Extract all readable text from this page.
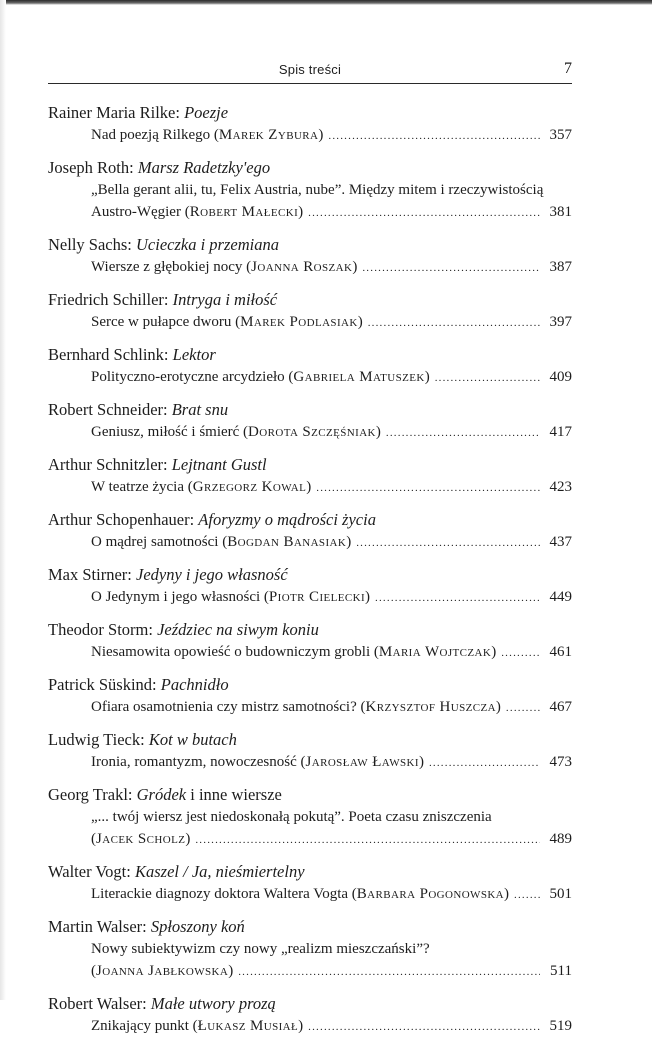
Spis treści	7
Rainer Maria Rilke: Poezje
Nad poezją Rilkego (Marek Zybura) .....	357
Joseph Roth: Marsz Radetzky'ego
„Bella gerant alii, tu, Felix Austria, nube”. Między mitem i rzeczywistością
Austro-Węgier (Robert Małecki) .....	381
Nelly Sachs: Ucieczka i przemiana
Wiersze z głębokiej nocy (Joanna Roszak) .....	387
Friedrich Schiller: Intryga i miłość
Serce w pułapce dworu (Marek Podlasiak) .....	397
Bernhard Schlink: Lektor
Polityczno-erotyczne arcydzieło (Gabriela Matuszek) .....	409
Robert Schneider: Brat snu
Geniusz, miłość i śmierć (Dorota Szczęśniak) .....	417
Arthur Schnitzler: Lejtnant Gustl
W teatrze życia (Grzegorz Kowal) .....	423
Arthur Schopenhauer: Aforyzmy o mądrości życia
O mądrej samotności (Bogdan Banasiak) .....	437
Max Stirner: Jedyny i jego własność
O Jedynym i jego własności (Piotr Cielecki) .....	449
Theodor Storm: Jeździec na siwym koniu
Niesamowita opowieść o budowniczym grobli (Maria Wojtczak) .....	461
Patrick Süskind: Pachnidło
Ofiara osamotnienia czy mistrz samotności? (Krzysztof Huszcza) .....	467
Ludwig Tieck: Kot w butach
Ironia, romantyzm, nowoczesność (Jarosław Ławski) .....	473
Georg Trakl: Gródek i inne wiersze
„... twój wiersz jest niedoskonałą pokutą”. Poeta czasu zniszczenia
(Jacek Scholz) .....	489
Walter Vogt: Kaszel / Ja, nieśmiertelny
Literackie diagnozy doktora Waltera Vogta (Barbara Pogonowska) .....	501
Martin Walser: Spłoszony koń
Nowy subiektywizm czy nowy „realizm mieszczański”?
(Joanna Jabłkowska) .....	511
Robert Walser: Małe utwory prozą
Znikający punkt (Łukasz Musiał) .....	519
